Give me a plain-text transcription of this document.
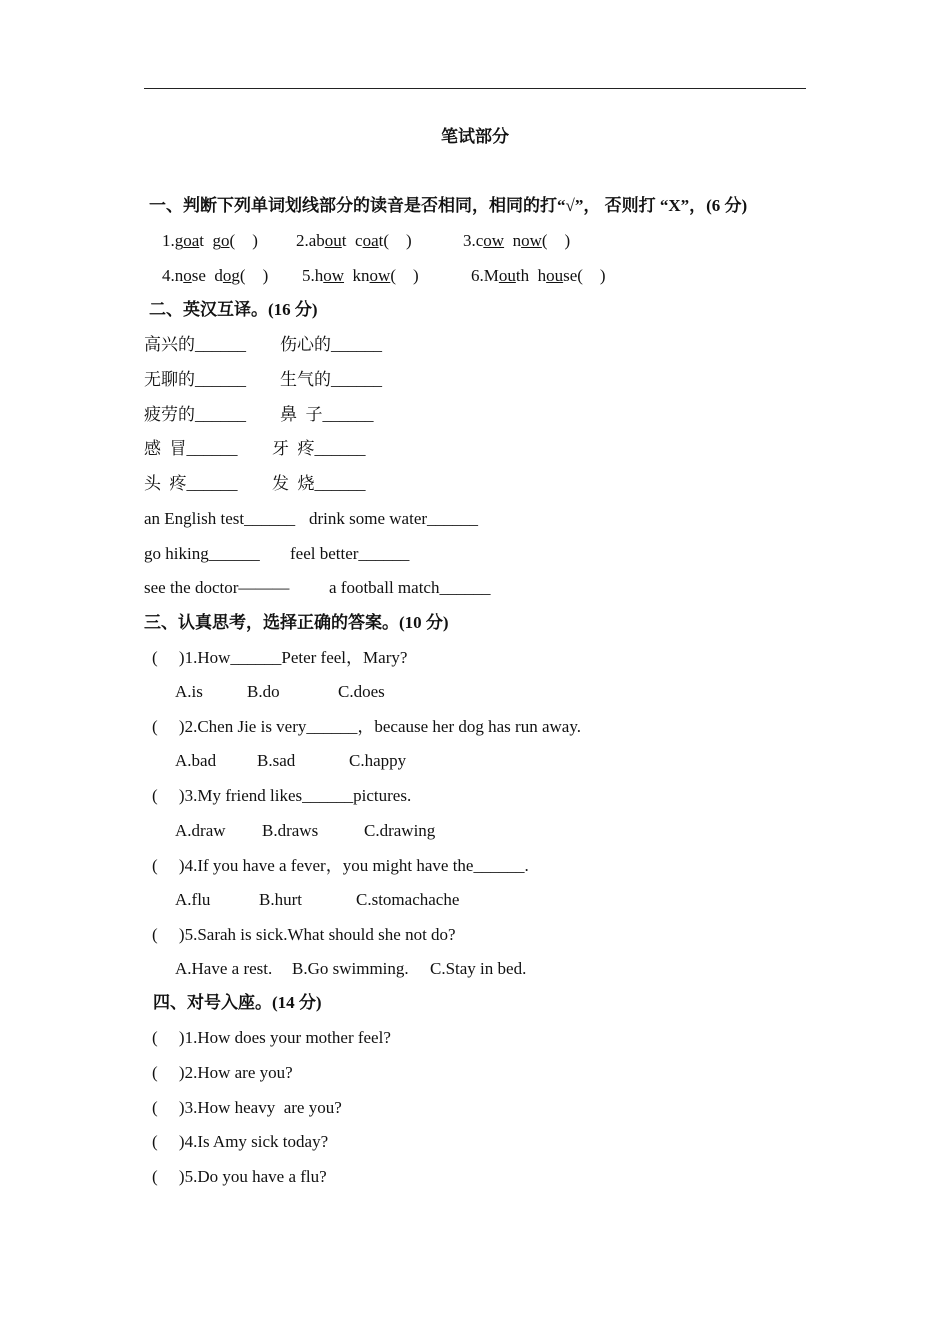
笔试部分
一、判断下列单词划线部分的读音是否相同，相同的打“√”， 否则打 “X”，(6 分)
1.goat go(    ) 2.about coat(    )	3.cow now(    )
4.nose dog(    ) 5.how know(    )	6.Mouth house(    )
二、英汉互译。(16 分)
高兴的______ 伤心的______
无聊的______ 生气的______
疲劳的______ 鼻  子______
感  冒______ 牙  疼______
头  疼______ 发  烧______
an English test______ drink some water______
go hiking______ feel better______
see the doctor——— a football match______
三、认真思考，选择正确的答案。(10 分)
(     )1.How______Peter feel，Mary?
A.is	B.do	C.does
(     )2.Chen Jie is very______，because her dog has run away.
A.bad B.sad	C.happy
(     )3.My friend likes______pictures.
A.draw B.draws	C.drawing
(     )4.If you have a fever，you might have the______.
A.flu	B.hurt	C.stomachache
(     )5.Sarah is sick.What should she not do?
A.Have a rest. B.Go swimming. C.Stay in bed.
四、对号入座。(14 分)
(     )1.How does your mother feel?
(     )2.How are you?
(     )3.How heavy  are you?
(     )4.Is Amy sick today?
(     )5.Do you have a flu?
